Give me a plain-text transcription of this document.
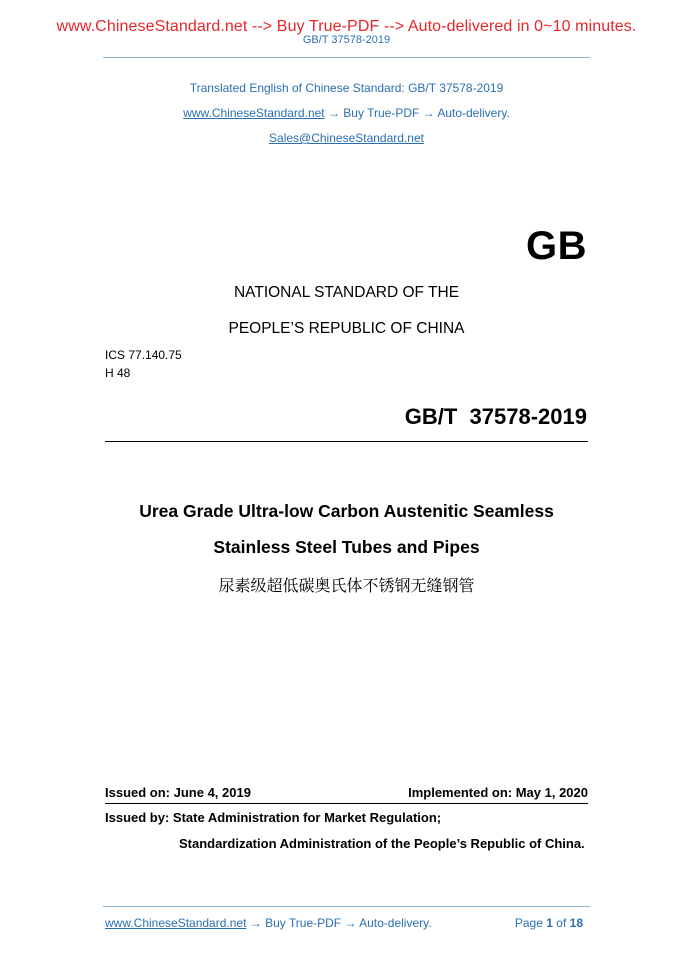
www.ChineseStandard.net --> Buy True-PDF --> Auto-delivered in 0~10 minutes.
GB/T 37578-2019
Translated English of Chinese Standard: GB/T 37578-2019
www.ChineseStandard.net → Buy True-PDF → Auto-delivery.
Sales@ChineseStandard.net
GB
NATIONAL STANDARD OF THE
PEOPLE’S REPUBLIC OF CHINA
ICS 77.140.75
H 48
GB/T  37578-2019
Urea Grade Ultra-low Carbon Austenitic Seamless
Stainless Steel Tubes and Pipes
尿素级超低碳奥氏体不锈钢无缝钢管
Issued on: June 4, 2019	Implemented on: May 1, 2020
Issued by: State Administration for Market Regulation;
Standardization Administration of the People’s Republic of China.
www.ChineseStandard.net → Buy True-PDF → Auto-delivery.	Page 1 of 18
